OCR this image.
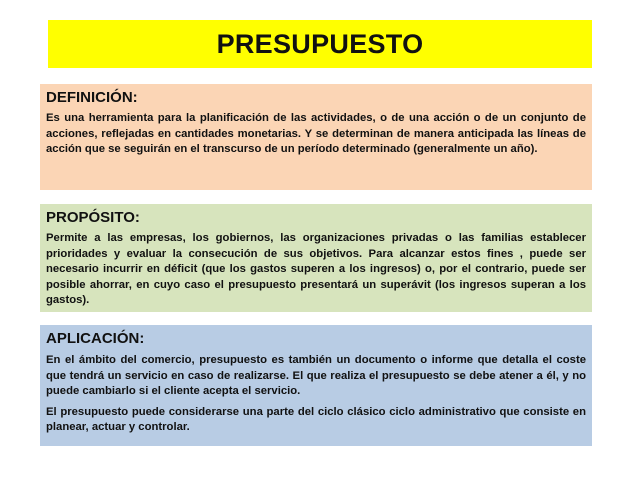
PRESUPUESTO
DEFINICIÓN:

Es una herramienta para la planificación de las actividades, o de una acción o de un conjunto de acciones, reflejadas en cantidades monetarias. Y se determinan de manera anticipada las líneas de acción que se seguirán en el transcurso de un período determinado (generalmente un año).

PROPÓSITO:

Permite a las empresas, los gobiernos, las organizaciones privadas o las familias establecer prioridades y evaluar la consecución de sus objetivos. Para alcanzar estos fines , puede ser necesario incurrir en déficit (que los gastos superen a los ingresos) o, por el contrario, puede ser posible ahorrar, en cuyo caso el presupuesto presentará un superávit (los ingresos superan a los gastos).

APLICACIÓN:

En el ámbito del comercio, presupuesto es también un documento o informe que detalla el coste que tendrá un servicio en caso de realizarse. El que realiza el presupuesto se debe atener a él, y no puede cambiarlo si el cliente acepta el servicio.

El presupuesto puede considerarse una parte del ciclo clásico ciclo administrativo que consiste en planear, actuar y controlar.
